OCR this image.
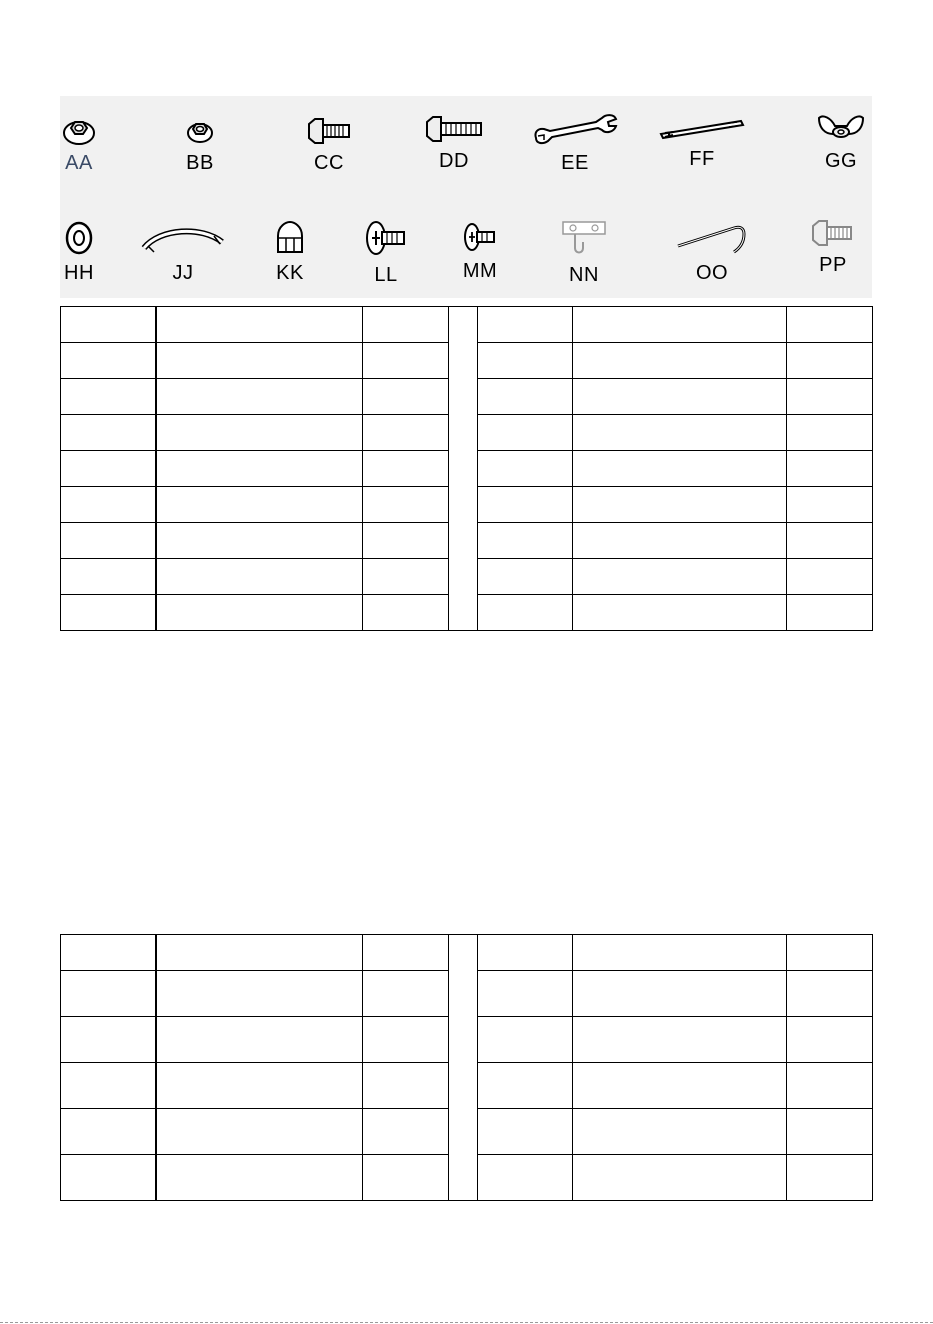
AA	BB	CC	DD	EE	FF	GG
HH	JJ	KK	LL	MM	NN	OO	PP
